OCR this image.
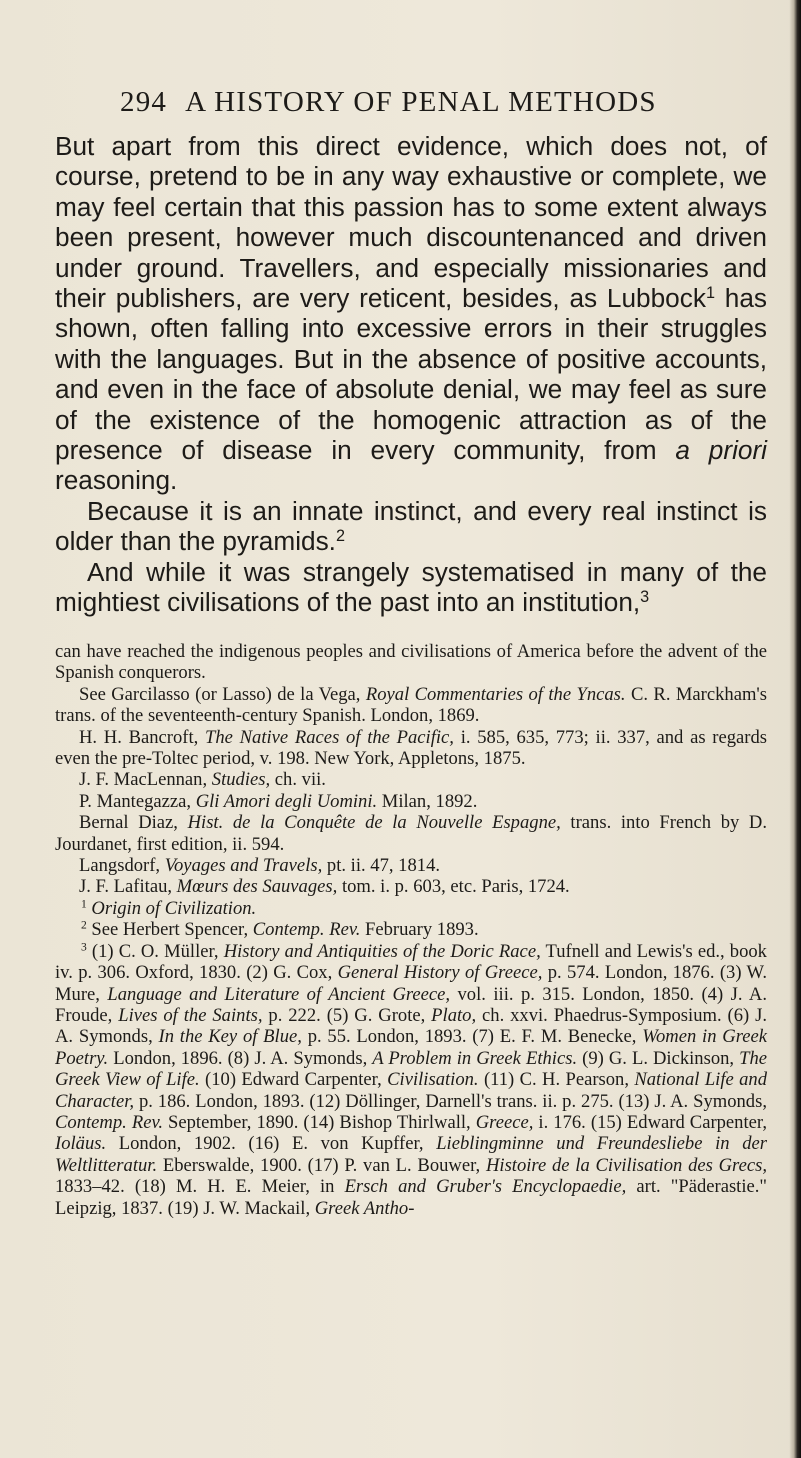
294 A HISTORY OF PENAL METHODS

But apart from this direct evidence, which does not, of course, pretend to be in any way exhaustive or complete, we may feel certain that this passion has to some extent always been present, however much discountenanced and driven under ground. Travellers, and especially missionaries and their publishers, are very reticent, besides, as Lubbock$^1$ has shown, often falling into excessive errors in their struggles with the languages. But in the absence of positive accounts, and even in the face of absolute denial, we may feel as sure of the existence of the homogenic attraction as of the presence of disease in every community, from a priori reasoning.

Because it is an innate instinct, and every real instinct is older than the pyramids.$^2$

And while it was strangely systematised in many of the mightiest civilisations of the past into an institution,$^3$

can have reached the indigenous peoples and civilisations of America before the advent of the Spanish conquerors.

See Garcilasso (or Lasso) de la Vega, Royal Commentaries of the Yncas. C. R. Marckham's trans. of the seventeenth-century Spanish. London, 1869.

H. H. Bancroft, The Native Races of the Pacific, i. 585, 635, 773; ii. 337, and as regards even the pre-Toltec period, v. 198. New York, Appletons, 1875.

J. F. MacLennan, Studies, ch. vii.

P. Mantegazza, Gli Amori degli Uomini. Milan, 1892.

Bernal Diaz, Hist. de la Conquête de la Nouvelle Espagne, trans. into French by D. Jourdanet, first edition, ii. 594.

Langsdorf, Voyages and Travels, pt. ii. 47, 1814.

J. F. Lafitau, Mœurs des Sauvages, tom. i. p. 603, etc. Paris, 1724.

$^1$ Origin of Civilization.

$^2$ See Herbert Spencer, Contemp. Rev. February 1893.

$^3$ (1) C. O. Müller, History and Antiquities of the Doric Race, Tufnell and Lewis's ed., book iv. p. 306. Oxford, 1830. (2) G. Cox, General History of Greece, p. 574. London, 1876. (3) W. Mure, Language and Literature of Ancient Greece, vol. iii. p. 315. London, 1850. (4) J. A. Froude, Lives of the Saints, p. 222. (5) G. Grote, Plato, ch. xxvi. Phaedrus-Symposium. (6) J. A. Symonds, In the Key of Blue, p. 55. London, 1893. (7) E. F. M. Benecke, Women in Greek Poetry. London, 1896. (8) J. A. Symonds, A Problem in Greek Ethics. (9) G. L. Dickinson, The Greek View of Life. (10) Edward Carpenter, Civilisation. (11) C. H. Pearson, National Life and Character, p. 186. London, 1893. (12) Döllinger, Darnell's trans. ii. p. 275. (13) J. A. Symonds, Contemp. Rev. September, 1890. (14) Bishop Thirlwall, Greece, i. 176. (15) Edward Carpenter, Ioläus. London, 1902. (16) E. von Kupffer, Lieblingminne und Freundesliebe in der Weltlitteratur. Eberswalde, 1900. (17) P. van L. Bouwer, Histoire de la Civilisation des Grecs, 1833–42. (18) M. H. E. Meier, in Ersch and Gruber's Encyclopaedie, art. "Päderastie." Leipzig, 1837. (19) J. W. Mackail, Greek Antho-
